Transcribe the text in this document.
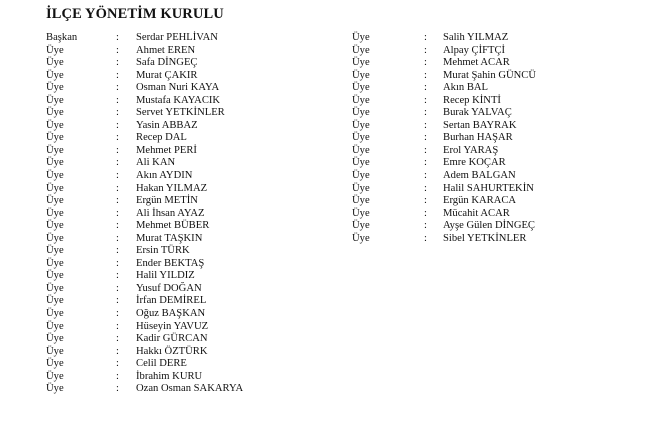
İLÇE YÖNETİM KURULU
Başkan	: Serdar PEHLİVAN
Üye	: Ahmet EREN
Üye	: Safa DİNGEÇ
Üye	: Murat ÇAKIR
Üye	: Osman Nuri KAYA
Üye	: Mustafa KAYACIK
Üye	: Servet YETKİNLER
Üye	: Yasin ABBAZ
Üye	: Recep DAL
Üye	: Mehmet PERİ
Üye	: Ali KAN
Üye	: Akın AYDIN
Üye	: Hakan YILMAZ
Üye	: Ergün METİN
Üye	: Ali İhsan AYAZ
Üye	: Mehmet BÜBER
Üye	: Murat TAŞKIN
Üye	: Ersin TÜRK
Üye	: Ender BEKTAŞ
Üye	: Halil YILDIZ
Üye	: Yusuf DOĞAN
Üye	: İrfan DEMİREL
Üye	: Oğuz BAŞKAN
Üye	: Hüseyin YAVUZ
Üye	: Kadir GÜRCAN
Üye	: Hakkı ÖZTÜRK
Üye	: Celil DERE
Üye	: İbrahim KURU
Üye	: Ozan Osman SAKARYA
Üye	: Salih YILMAZ
Üye	: Alpay ÇİFTÇİ
Üye	: Mehmet ACAR
Üye	: Murat Şahin GÜNCÜ
Üye	: Akın BAL
Üye	: Recep KİNTİ
Üye	: Burak YALVAÇ
Üye	: Sertan BAYRAK
Üye	: Burhan HAŞAR
Üye	: Erol YARAŞ
Üye	: Emre KOÇAR
Üye	: Adem BALGAN
Üye	: Halil SAHURTEKİN
Üye	: Ergün KARACA
Üye	: Mücahit ACAR
Üye	: Ayşe Gülen DİNGEÇ
Üye	: Sibel YETKİNLER
